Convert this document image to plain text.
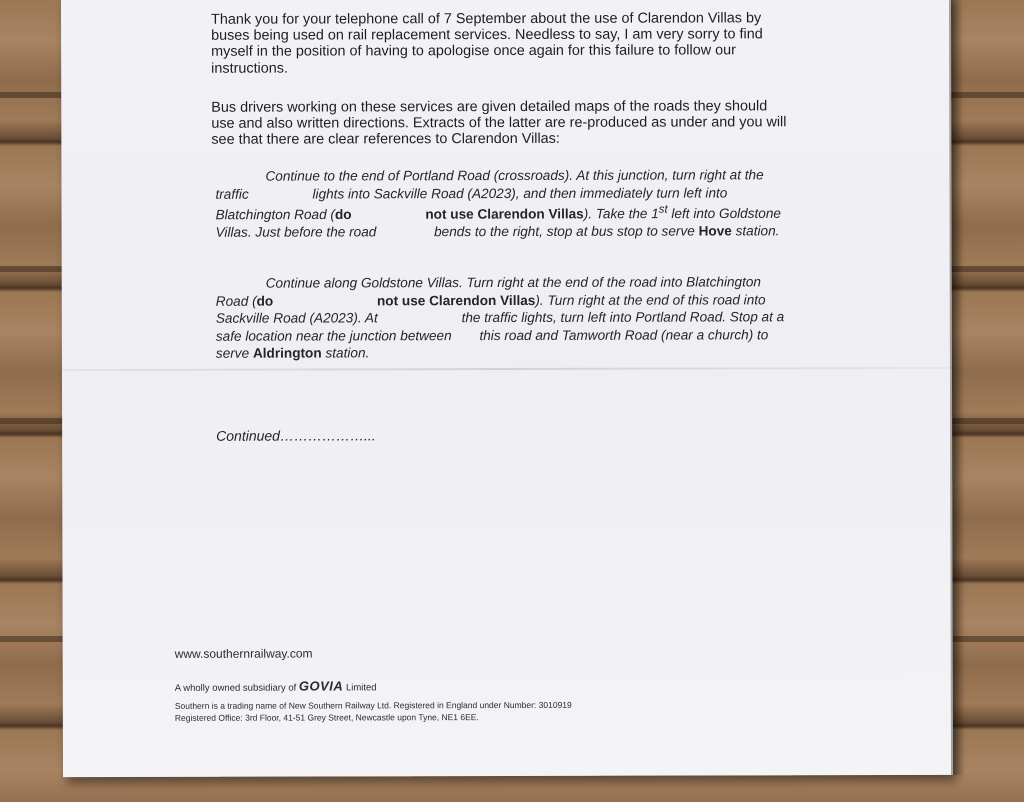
Thank you for your telephone call of 7 September about the use of Clarendon Villas by buses being used on rail replacement services. Needless to say, I am very sorry to find myself in the position of having to apologise once again for this failure to follow our instructions.
Bus drivers working on these services are given detailed maps of the roads they should use and also written directions. Extracts of the latter are re-produced as under and you will see that there are clear references to Clarendon Villas:
Continue to the end of Portland Road (crossroads). At this junction, turn right at the traffic	lights into Sackville Road (A2023), and then immediately turn left into Blatchington Road (do	not use Clarendon Villas). Take the 1st left into Goldstone Villas. Just before the road	bends to the right, stop at bus stop to serve Hove station.
Continue along Goldstone Villas. Turn right at the end of the road into Blatchington Road (do	not use Clarendon Villas). Turn right at the end of this road into Sackville Road (A2023). At	the traffic lights, turn left into Portland Road. Stop at a safe location near the junction between this road and Tamworth Road (near a church) to serve Aldrington station.
Continued………………...
www.southernrailway.com
A wholly owned subsidiary of GOVIA Limited
Southern is a trading name of New Southern Railway Ltd. Registered in England under Number: 3010919
Registered Office: 3rd Floor, 41-51 Grey Street, Newcastle upon Tyne, NE1 6EE.
